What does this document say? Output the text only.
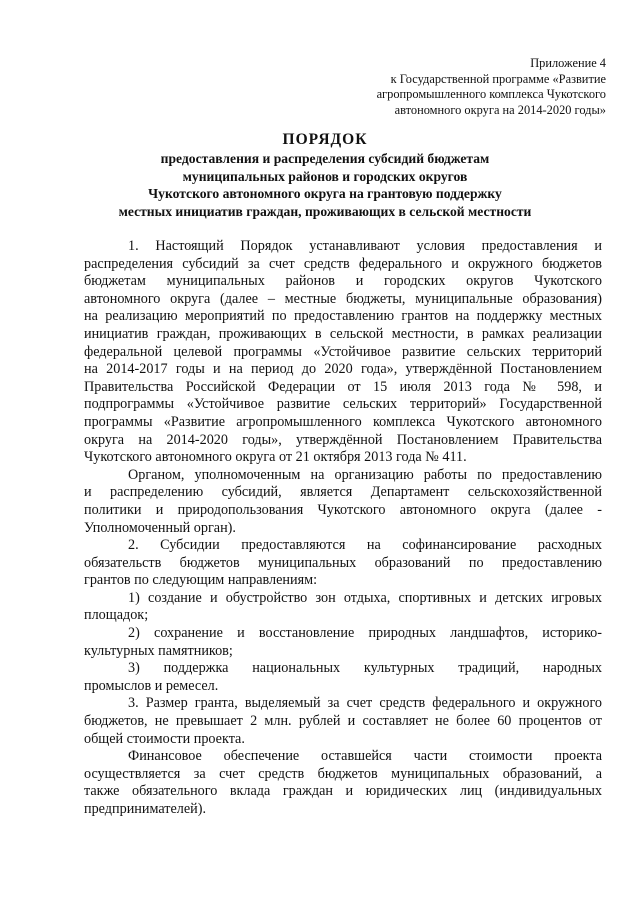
Приложение 4
к Государственной программе «Развитие
агропромышленного комплекса Чукотского
автономного округа на 2014-2020 годы»
ПОРЯДОК
предоставления и распределения субсидий бюджетам
муниципальных районов и городских округов
Чукотского автономного округа на грантовую поддержку
местных инициатив граждан, проживающих в сельской местности
1. Настоящий Порядок устанавливают условия предоставления и
распределения субсидий за счет средств федерального и окружного бюджетов
бюджетам муниципальных районов и городских округов Чукотского
автономного округа (далее – местные бюджеты, муниципальные образования)
на реализацию мероприятий по предоставлению грантов на поддержку местных
инициатив граждан, проживающих в сельской местности, в рамках реализации
федеральной целевой программы «Устойчивое развитие сельских территорий
на 2014-2017 годы и на период до 2020 года», утверждённой Постановлением
Правительства Российской Федерации от 15 июля 2013 года № 598, и
подпрограммы «Устойчивое развитие сельских территорий» Государственной
программы «Развитие агропромышленного комплекса Чукотского автономного
округа на 2014-2020 годы», утверждённой Постановлением Правительства
Чукотского автономного округа от 21 октября 2013 года № 411.
Органом, уполномоченным на организацию работы по предоставлению
и распределению субсидий, является Департамент сельскохозяйственной
политики и природопользования Чукотского автономного округа (далее -
Уполномоченный орган).
2. Субсидии предоставляются на софинансирование расходных
обязательств бюджетов муниципальных образований по предоставлению
грантов по следующим направлениям:
1) создание и обустройство зон отдыха, спортивных и детских игровых
площадок;
2) сохранение и восстановление природных ландшафтов, историко-
культурных памятников;
3) поддержка национальных культурных традиций, народных
промыслов и ремесел.
3. Размер гранта, выделяемый за счет средств федерального и окружного
бюджетов, не превышает 2 млн. рублей и составляет не более 60 процентов от
общей стоимости проекта.
Финансовое обеспечение оставшейся части стоимости проекта
осуществляется за счет средств бюджетов муниципальных образований, а
также обязательного вклада граждан и юридических лиц (индивидуальных
предпринимателей).
